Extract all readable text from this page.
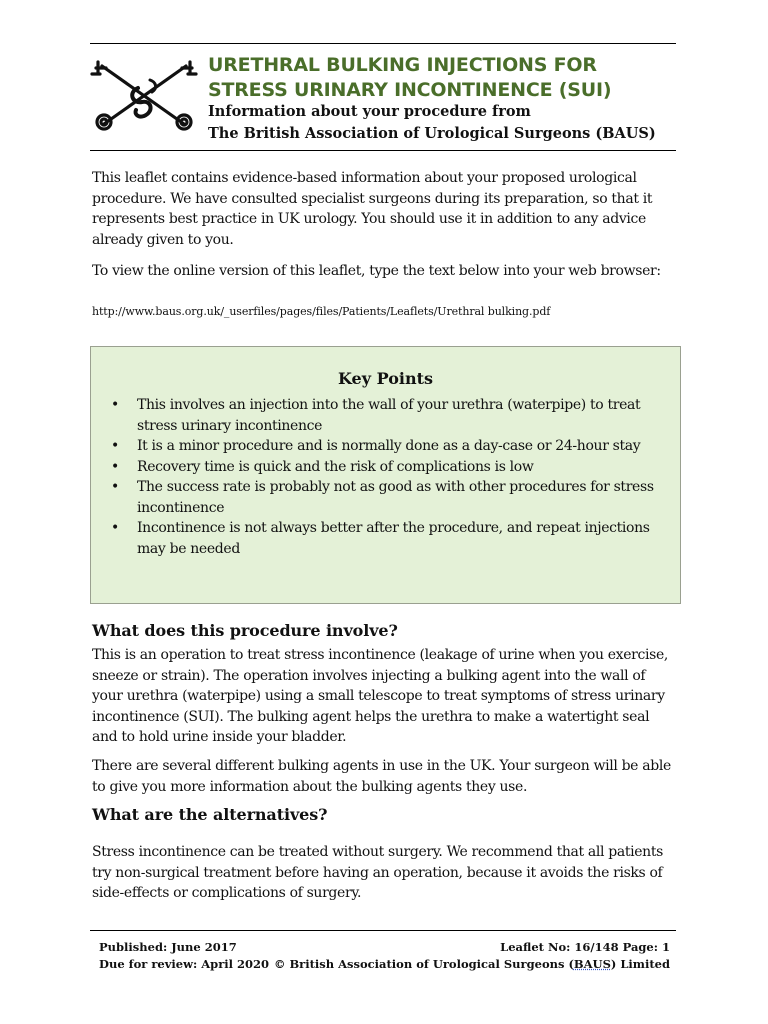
URETHRAL BULKING INJECTIONS FOR
STRESS URINARY INCONTINENCE (SUI)
Information about your procedure from
The British Association of Urological Surgeons (BAUS)
This leaflet contains evidence-based information about your proposed urological procedure. We have consulted specialist surgeons during its preparation, so that it represents best practice in UK urology. You should use it in addition to any advice already given to you.
To view the online version of this leaflet, type the text below into your web browser:
http://www.baus.org.uk/_userfiles/pages/files/Patients/Leaflets/Urethral bulking.pdf
Key Points
• This involves an injection into the wall of your urethra (waterpipe) to treat stress urinary incontinence
• It is a minor procedure and is normally done as a day-case or 24-hour stay
• Recovery time is quick and the risk of complications is low
• The success rate is probably not as good as with other procedures for stress incontinence
• Incontinence is not always better after the procedure, and repeat injections may be needed
What does this procedure involve?
This is an operation to treat stress incontinence (leakage of urine when you exercise, sneeze or strain). The operation involves injecting a bulking agent into the wall of your urethra (waterpipe) using a small telescope to treat symptoms of stress urinary incontinence (SUI). The bulking agent helps the urethra to make a watertight seal and to hold urine inside your bladder.
There are several different bulking agents in use in the UK. Your surgeon will be able to give you more information about the bulking agents they use.
What are the alternatives?
Stress incontinence can be treated without surgery. We recommend that all patients try non-surgical treatment before having an operation, because it avoids the risks of side-effects or complications of surgery.
Published: June 2017
Due for review: April 2020
Leaflet No: 16/148 Page: 1
© British Association of Urological Surgeons (BAUS) Limited
